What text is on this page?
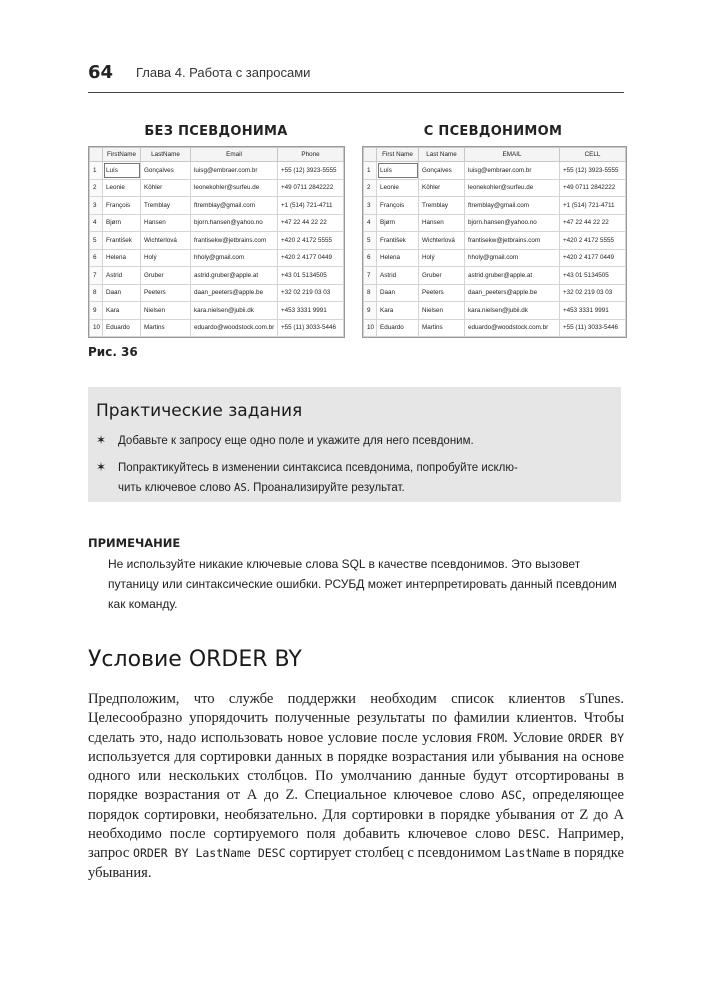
64 Глава 4. Работа с запросами
БЕЗ ПСЕВДОНИМА	С ПСЕВДОНИМОМ
	FirstName	LastName	Email	Phone
1	Luís	Gonçalves	luisg@embraer.com.br	+55 (12) 3923-5555
2	Leonie	Köhler	leonekohler@surfeu.de	+49 0711 2842222
3	François	Tremblay	ftremblay@gmail.com	+1 (514) 721-4711
4	Bjørn	Hansen	bjorn.hansen@yahoo.no	+47 22 44 22 22
5	František	Wichterlová	frantisekw@jetbrains.com	+420 2 4172 5555
6	Helena	Holý	hholy@gmail.com	+420 2 4177 0449
7	Astrid	Gruber	astrid.gruber@apple.at	+43 01 5134505
8	Daan	Peeters	daan_peeters@apple.be	+32 02 219 03 03
9	Kara	Nielsen	kara.nielsen@jubii.dk	+453 3331 9991
10	Eduardo	Martins	eduardo@woodstock.com.br	+55 (11) 3033-5446
	First Name	Last Name	EMAIL	CELL
1	Luís	Gonçalves	luisg@embraer.com.br	+55 (12) 3923-5555
2	Leonie	Köhler	leonekohler@surfeu.de	+49 0711 2842222
3	François	Tremblay	ftremblay@gmail.com	+1 (514) 721-4711
4	Bjørn	Hansen	bjorn.hansen@yahoo.no	+47 22 44 22 22
5	František	Wichterlová	frantisekw@jetbrains.com	+420 2 4172 5555
6	Helena	Holý	hholy@gmail.com	+420 2 4177 0449
7	Astrid	Gruber	astrid.gruber@apple.at	+43 01 5134505
8	Daan	Peeters	daan_peeters@apple.be	+32 02 219 03 03
9	Kara	Nielsen	kara.nielsen@jubii.dk	+453 3331 9991
10	Eduardo	Martins	eduardo@woodstock.com.br	+55 (11) 3033-5446
Рис. 36
Практические задания
✶ Добавьте к запросу еще одно поле и укажите для него псевдоним.
✶ Попрактикуйтесь в изменении синтаксиса псевдонима, попробуйте исклю-
чить ключевое слово AS. Проанализируйте результат.
ПРИМЕЧАНИЕ
Не используйте никакие ключевые слова SQL в качестве псевдонимов. Это вызовет путаницу или синтаксические ошибки. РСУБД может интерпретировать данный псевдоним как команду.
Условие ORDER BY
Предположим, что службе поддержки необходим список клиентов sTunes. Целесообразно упорядочить полученные результаты по фамилии клиентов. Чтобы сделать это, надо использовать новое условие после условия FROM. Условие ORDER BY используется для сортировки данных в порядке возрастания или убывания на основе одного или нескольких столбцов. По умолчанию данные будут отсортированы в порядке возрастания от А до Z. Специальное ключевое слово ASC, определяющее порядок сортировки, необязательно. Для сортировки в порядке убывания от Z до A необходимо после сортируемого поля добавить ключевое слово DESC. Например, запрос ORDER BY LastName DESC сортирует столбец с псевдонимом LastName в порядке убывания.
